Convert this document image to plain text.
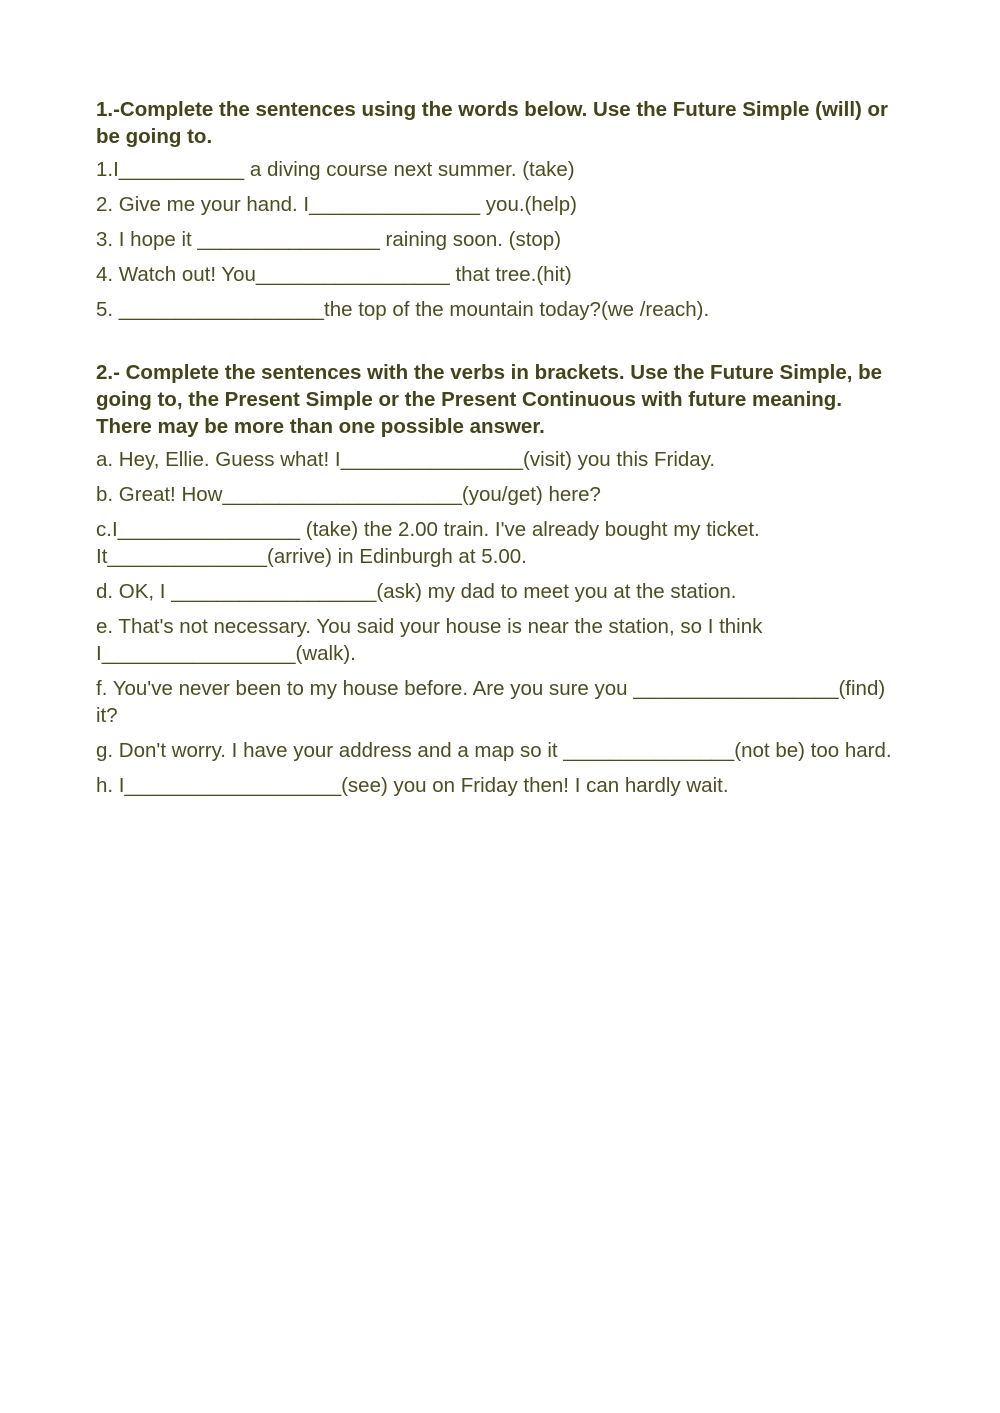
1.-Complete the sentences using the words below. Use the Future Simple (will) or be going to.

1.I___________ a diving course next summer. (take)

2. Give me your hand. I_______________ you.(help)

3. I hope it ________________ raining soon. (stop)

4. Watch out! You_________________ that tree.(hit)

5. __________________the top of the mountain today?(we /reach).

2.- Complete the sentences with the verbs in brackets. Use the Future Simple, be going to, the Present Simple or the Present Continuous with future meaning. There may be more than one possible answer.

a. Hey, Ellie. Guess what! I________________(visit) you this Friday.

b. Great! How_____________________(you/get) here?

c.I________________ (take) the 2.00 train. I've already bought my ticket. It______________(arrive) in Edinburgh at 5.00.

d. OK, I __________________(ask) my dad to meet you at the station.

e. That's not necessary. You said your house is near the station, so I think I_________________(walk).

f. You've never been to my house before. Are you sure you __________________(find) it?

g. Don't worry. I have your address and a map so it _______________(not be) too hard.

h. I___________________(see) you on Friday then! I can hardly wait.
